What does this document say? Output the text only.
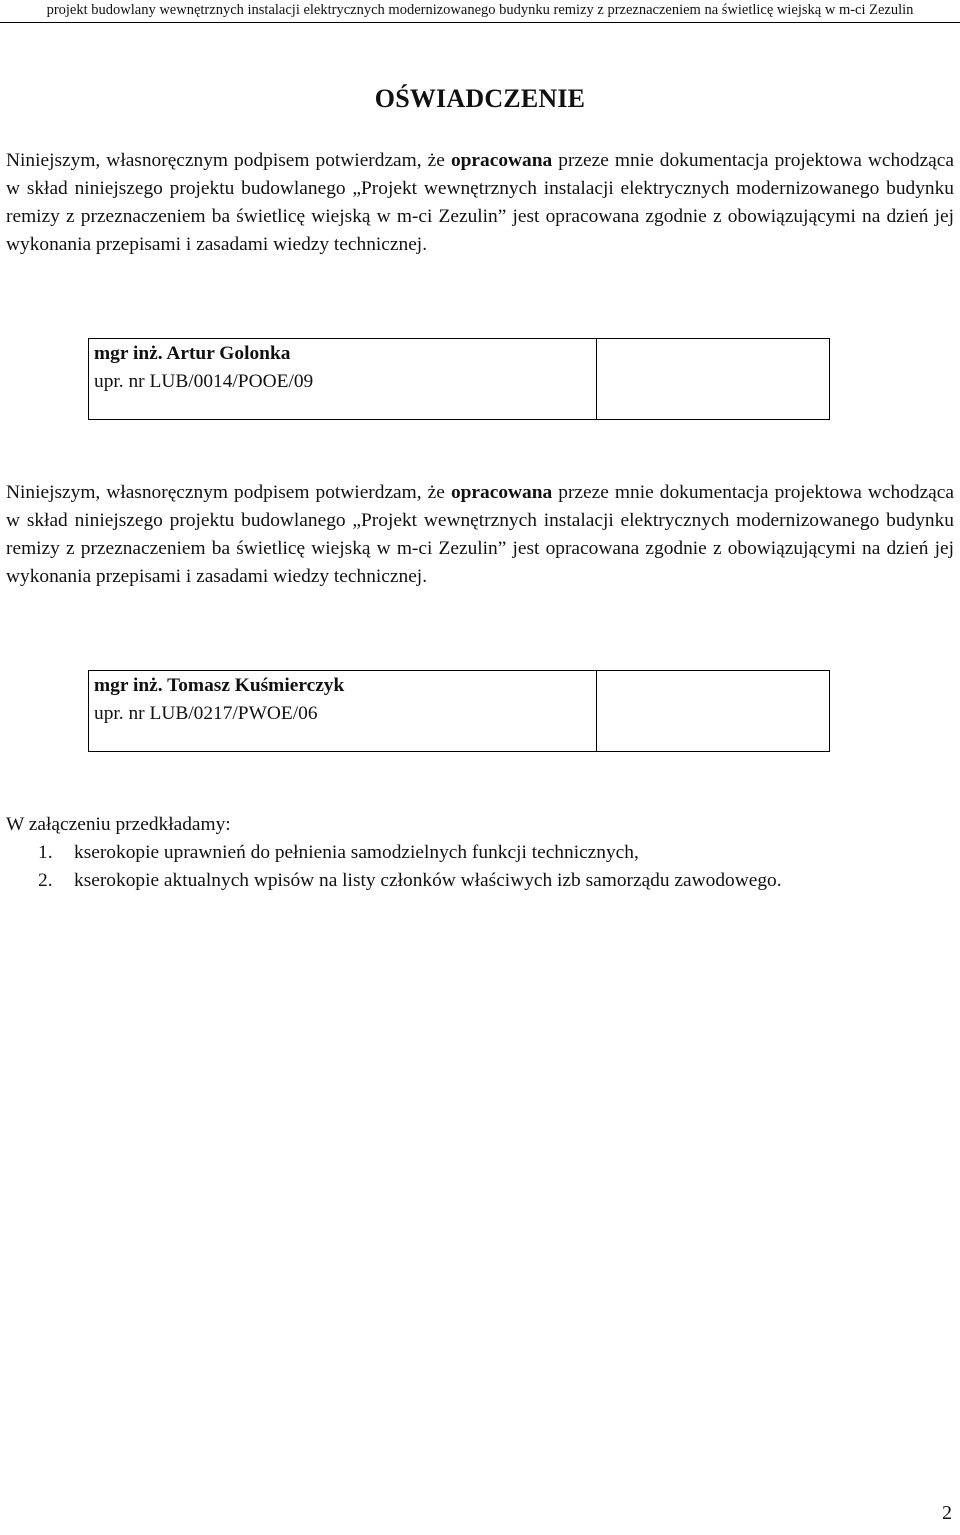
projekt budowlany wewnętrznych instalacji elektrycznych modernizowanego budynku remizy z przeznaczeniem na świetlicę wiejską w m-ci Zezulin
OŚWIADCZENIE
Niniejszym, własnoręcznym podpisem potwierdzam, że opracowana przeze mnie dokumentacja projektowa wchodząca w skład niniejszego projektu budowlanego „Projekt wewnętrznych instalacji elektrycznych modernizowanego budynku remizy z przeznaczeniem ba świetlicę wiejską w m-ci Zezulin” jest opracowana zgodnie z obowiązującymi na dzień jej wykonania przepisami i zasadami wiedzy technicznej.
mgr inż. Artur Golonka
upr. nr LUB/0014/POOE/09
Niniejszym, własnoręcznym podpisem potwierdzam, że opracowana przeze mnie dokumentacja projektowa wchodząca w skład niniejszego projektu budowlanego „Projekt wewnętrznych instalacji elektrycznych modernizowanego budynku remizy z przeznaczeniem ba świetlicę wiejską w m-ci Zezulin” jest opracowana zgodnie z obowiązującymi na dzień jej wykonania przepisami i zasadami wiedzy technicznej.
mgr inż. Tomasz Kuśmierczyk
upr. nr LUB/0217/PWOE/06
W załączeniu przedkładamy:
1. kserokopie uprawnień do pełnienia samodzielnych funkcji technicznych,
2. kserokopie aktualnych wpisów na listy członków właściwych izb samorządu zawodowego.
2
